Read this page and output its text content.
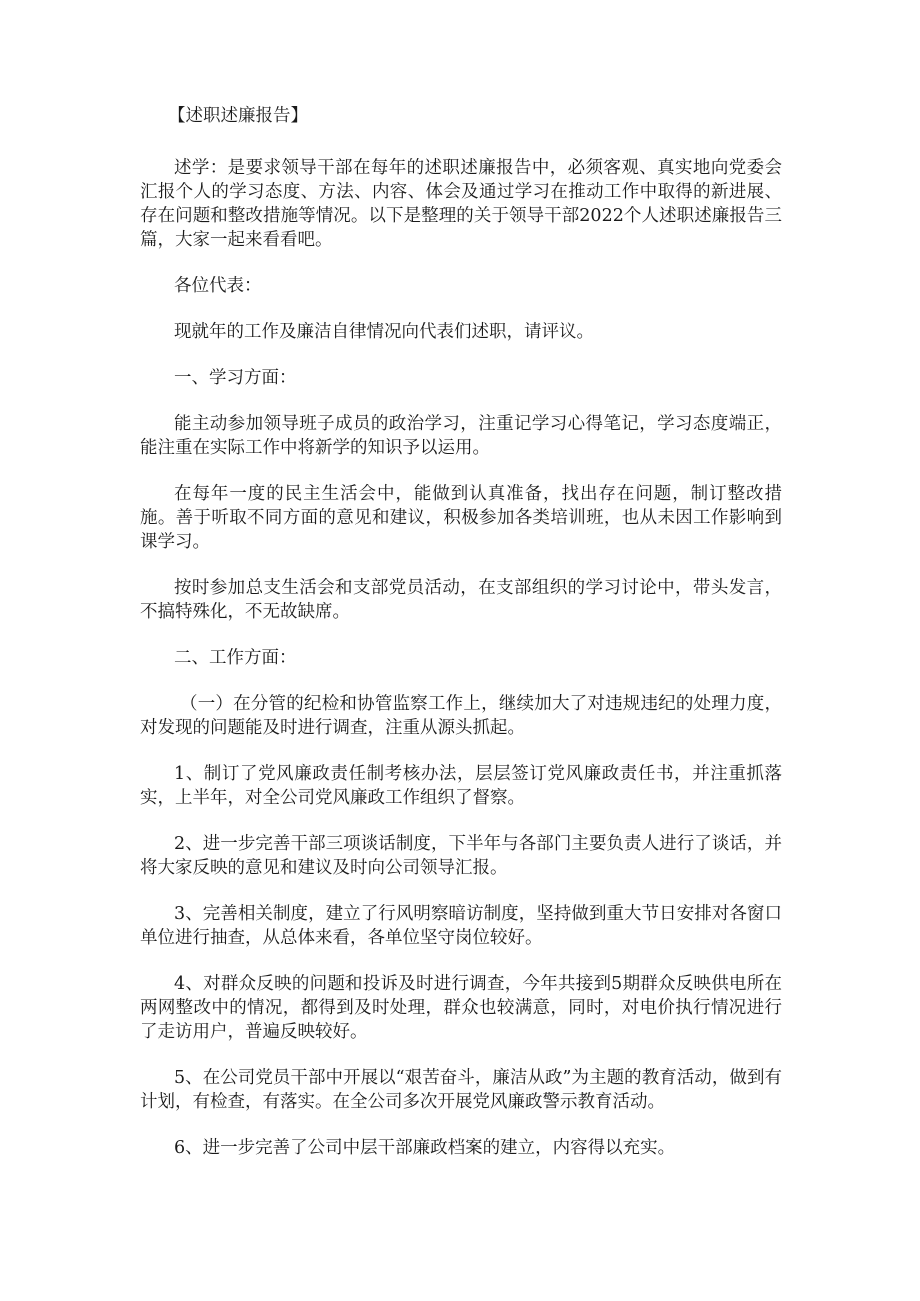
【述职述廉报告】

述学：是要求领导干部在每年的述职述廉报告中，必须客观、真实地向党委会汇报个人的学习态度、方法、内容、体会及通过学习在推动工作中取得的新进展、存在问题和整改措施等情况。以下是整理的关于领导干部2022个人述职述廉报告三篇，大家一起来看看吧。

各位代表：

现就年的工作及廉洁自律情况向代表们述职，请评议。

一、学习方面：

能主动参加领导班子成员的政治学习，注重记学习心得笔记，学习态度端正，能注重在实际工作中将新学的知识予以运用。

在每年一度的民主生活会中，能做到认真准备，找出存在问题，制订整改措施。善于听取不同方面的意见和建议，积极参加各类培训班，也从未因工作影响到课学习。

按时参加总支生活会和支部党员活动，在支部组织的学习讨论中，带头发言，不搞特殊化，不无故缺席。

二、工作方面：

（一）在分管的纪检和协管监察工作上，继续加大了对违规违纪的处理力度，对发现的问题能及时进行调查，注重从源头抓起。

1、制订了党风廉政责任制考核办法，层层签订党风廉政责任书，并注重抓落实，上半年，对全公司党风廉政工作组织了督察。

2、进一步完善干部三项谈话制度，下半年与各部门主要负责人进行了谈话，并将大家反映的意见和建议及时向公司领导汇报。

3、完善相关制度，建立了行风明察暗访制度，坚持做到重大节日安排对各窗口单位进行抽查，从总体来看，各单位坚守岗位较好。

4、对群众反映的问题和投诉及时进行调查，今年共接到5期群众反映供电所在两网整改中的情况，都得到及时处理，群众也较满意，同时，对电价执行情况进行了走访用户，普遍反映较好。

5、在公司党员干部中开展以“艰苦奋斗，廉洁从政”为主题的教育活动，做到有计划，有检查，有落实。在全公司多次开展党风廉政警示教育活动。

6、进一步完善了公司中层干部廉政档案的建立，内容得以充实。
